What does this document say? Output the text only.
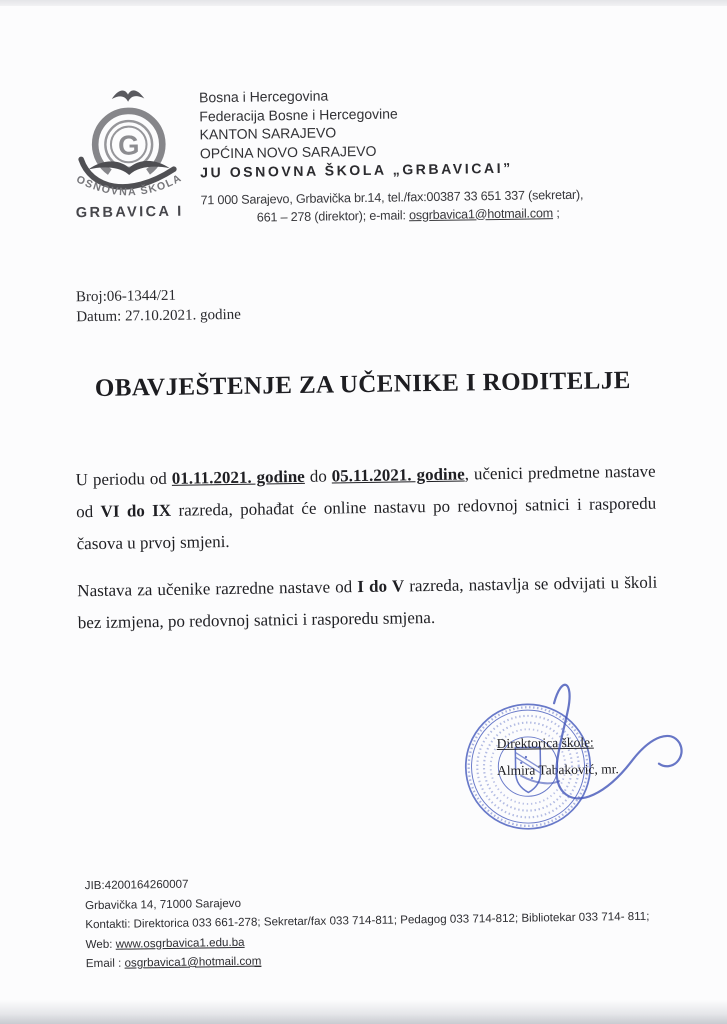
G
OSNOVNA ŠKOLA
GRBAVICA I
Bosna i Hercegovina
Federacija Bosne i Hercegovine
KANTON SARAJEVO
OPĆINA NOVO SARAJEVO
JU OSNOVNA ŠKOLA „GRBAVICAI”
71 000 Sarajevo, Grbavička br.14, tel./fax:00387 33 651 337 (sekretar),
661 – 278 (direktor); e-mail: osgrbavica1@hotmail.com ;
Broj:06-1344/21
Datum: 27.10.2021. godine
OBAVJEŠTENJE ZA UČENIKE I RODITELJE

U periodu od 01.11.2021. godine do 05.11.2021. godine, učenici predmetne nastave od VI do IX razreda, pohađat će online nastavu po redovnoj satnici i rasporedu časova u prvoj smjeni.

Nastava za učenike razredne nastave od I do V razreda, nastavlja se odvijati u školi bez izmjena, po redovnoj satnici i rasporedu smjena.

Direktorica škole:
Almira Tabaković, mr.
JIB:4200164260007
Grbavička 14, 71000 Sarajevo
Kontakti: Direktorica 033 661-278; Sekretar/fax 033 714-811; Pedagog 033 714-812; Bibliotekar 033 714- 811;
Web: www.osgrbavica1.edu.ba
Email : osgrbavica1@hotmail.com
